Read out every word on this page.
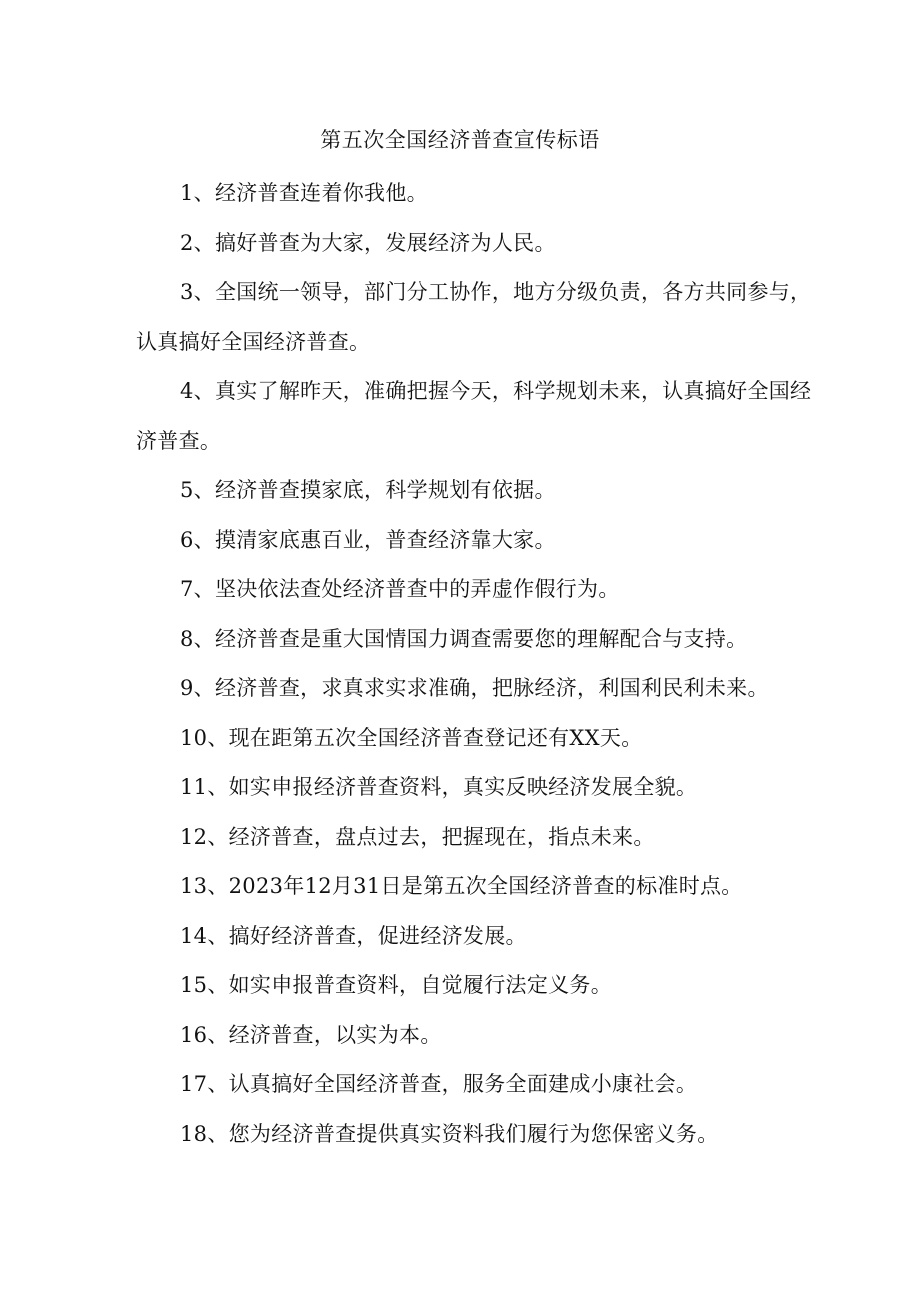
第五次全国经济普查宣传标语
1、经济普查连着你我他。
2、搞好普查为大家，发展经济为人民。
3、全国统一领导，部门分工协作，地方分级负责，各方共同参与，认真搞好全国经济普查。
4、真实了解昨天，准确把握今天，科学规划未来，认真搞好全国经济普查。
5、经济普查摸家底，科学规划有依据。
6、摸清家底惠百业，普查经济靠大家。
7、坚决依法查处经济普查中的弄虚作假行为。
8、经济普查是重大国情国力调查需要您的理解配合与支持。
9、经济普查，求真求实求准确，把脉经济，利国利民利未来。
10、现在距第五次全国经济普查登记还有XX天。
11、如实申报经济普查资料，真实反映经济发展全貌。
12、经济普查，盘点过去，把握现在，指点未来。
13、2023年12月31日是第五次全国经济普查的标准时点。
14、搞好经济普查，促进经济发展。
15、如实申报普查资料，自觉履行法定义务。
16、经济普查，以实为本。
17、认真搞好全国经济普查，服务全面建成小康社会。
18、您为经济普查提供真实资料我们履行为您保密义务。
